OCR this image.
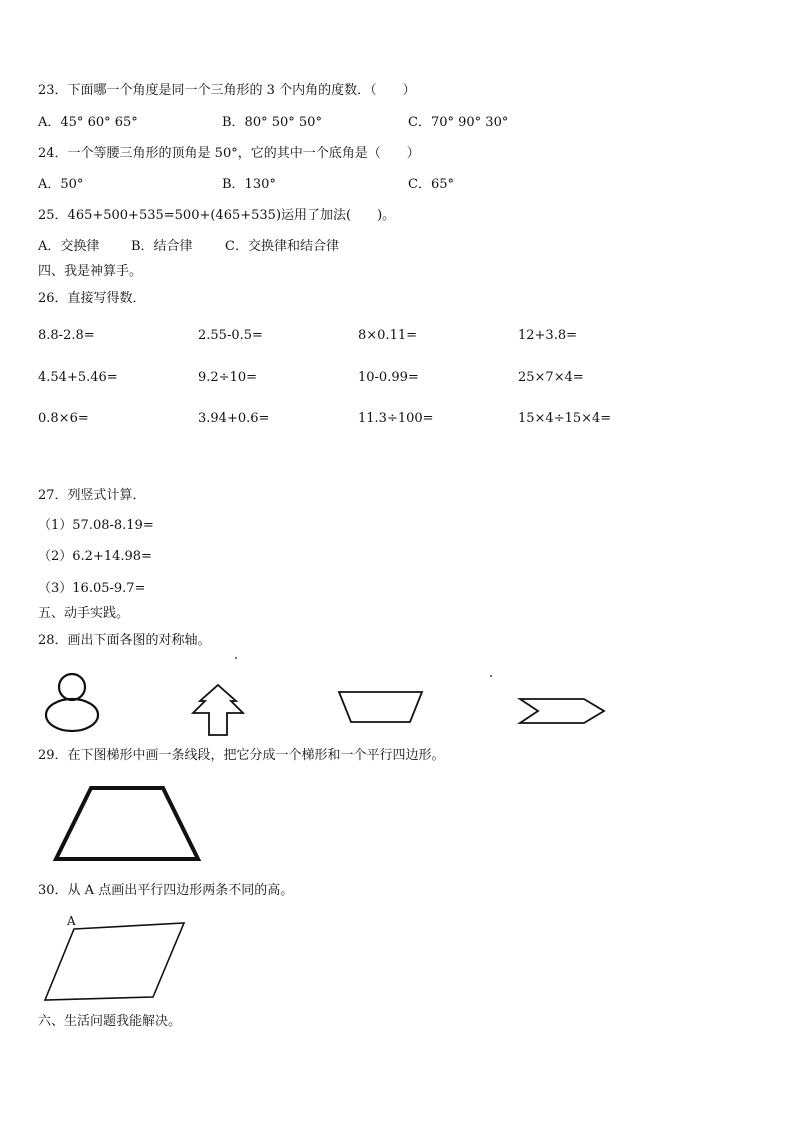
23．下面哪一个角度是同一个三角形的 3 个内角的度数．（　　）
A．45° 60° 65°	B．80° 50° 50°	C．70° 90° 30°
24．一个等腰三角形的顶角是 50°，它的其中一个底角是（　　）
A．50°	B．130°	C．65°
25．465+500+535=500+(465+535)运用了加法(　　)。
A．交换律 B．结合律 C．交换律和结合律
四、我是神算手。
26．直接写得数．
8.8-2.8=	2.55-0.5=	8×0.11=	12+3.8=
4.54+5.46=	9.2÷10=	10-0.99=	25×7×4=
0.8×6=	3.94+0.6=	11.3÷100=	15×4÷15×4=
27．列竖式计算．
（1）57.08-8.19=
（2）6.2+14.98=
（3）16.05-9.7=
五、动手实践。
28．画出下面各图的对称轴。
29．在下图梯形中画一条线段，把它分成一个梯形和一个平行四边形。
30．从 A 点画出平行四边形两条不同的高。
A
六、生活问题我能解决。
